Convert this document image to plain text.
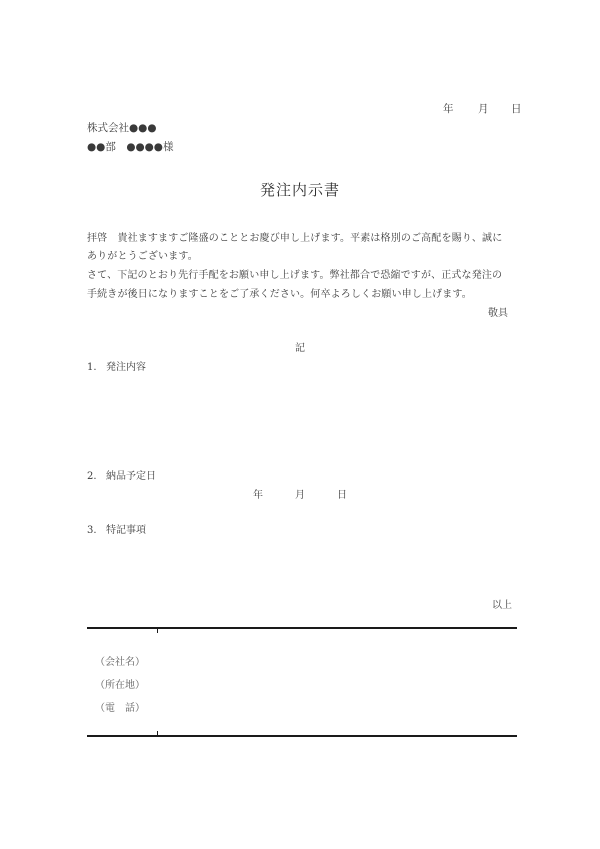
年 月 日
株式会社●●●
●●部　●●●●様
発注内示書
拝啓　貴社ますますご隆盛のこととお慶び申し上げます。平素は格別のご高配を賜り、誠に
ありがとうございます。
さて、下記のとおり先行手配をお願い申し上げます。弊社都合で恐縮ですが、正式な発注の
手続きが後日になりますことをご了承ください。何卒よろしくお願い申し上げます。
敬具
記
1. 発注内容
2. 納品予定日
年	月	日
3. 特記事項
以上
（会社名）
（所在地）
（電　話）
